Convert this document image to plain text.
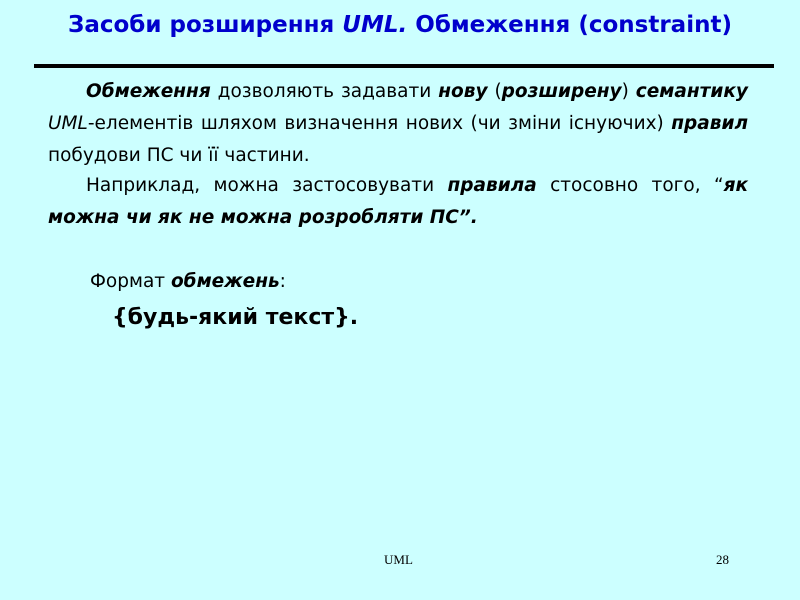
Засоби розширення UML. Обмеження (constraint)
Обмеження дозволяють задавати нову (розширену) семантику UML-елементів шляхом визначення нових (чи зміни існуючих) правил побудови ПС чи її частини.
Наприклад, можна застосовувати правила стосовно того, “як можна чи як не можна розробляти ПС”.
Формат обмежень:
{будь-який текст}.
UML	28
